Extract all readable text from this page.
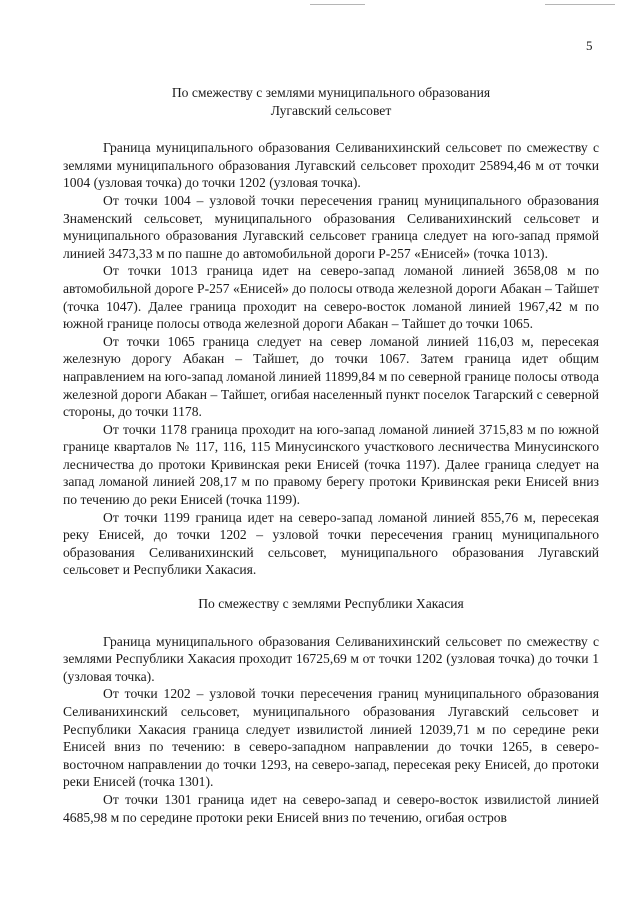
5

По смежеству с землями муниципального образования

Лугавский сельсовет

Граница муниципального образования Селиванихинский сельсовет по смежеству с землями муниципального образования Лугавский сельсовет проходит 25894,46 м от точки 1004 (узловая точка) до точки 1202 (узловая точка).

От точки 1004 – узловой точки пересечения границ муниципального образования Знаменский сельсовет, муниципального образования Селиванихинский сельсовет и муниципального образования Лугавский сельсовет граница следует на юго-запад прямой линией 3473,33 м по пашне до автомобильной дороги Р-257 «Енисей» (точка 1013).

От точки 1013 граница идет на северо-запад ломаной линией 3658,08 м по автомобильной дороге Р-257 «Енисей» до полосы отвода железной дороги Абакан – Тайшет (точка 1047). Далее граница проходит на северо-восток ломаной линией 1967,42 м по южной границе полосы отвода железной дороги Абакан – Тайшет до точки 1065.

От точки 1065 граница следует на север ломаной линией 116,03 м, пересекая железную дорогу Абакан – Тайшет, до точки 1067. Затем граница идет общим направлением на юго-запад ломаной линией 11899,84 м по северной границе полосы отвода железной дороги Абакан – Тайшет, огибая населенный пункт поселок Тагарский с северной стороны, до точки 1178.

От точки 1178 граница проходит на юго-запад ломаной линией 3715,83 м по южной границе кварталов № 117, 116, 115 Минусинского участкового лесничества Минусинского лесничества до протоки Кривинская реки Енисей (точка 1197). Далее граница следует на запад ломаной линией 208,17 м по правому берегу протоки Кривинская реки Енисей вниз по течению до реки Енисей (точка 1199).

От точки 1199 граница идет на северо-запад ломаной линией 855,76 м, пересекая реку Енисей, до точки 1202 – узловой точки пересечения границ муниципального образования Селиванихинский сельсовет, муниципального образования Лугавский сельсовет и Республики Хакасия.

По смежеству с землями Республики Хакасия

Граница муниципального образования Селиванихинский сельсовет по смежеству с землями Республики Хакасия проходит 16725,69 м от точки 1202 (узловая точка) до точки 1 (узловая точка).

От точки 1202 – узловой точки пересечения границ муниципального образования Селиванихинский сельсовет, муниципального образования Лугавский сельсовет и Республики Хакасия граница следует извилистой линией 12039,71 м по середине реки Енисей вниз по течению: в северо-западном направлении до точки 1265, в северо-восточном направлении до точки 1293, на северо-запад, пересекая реку Енисей, до протоки реки Енисей (точка 1301).

От точки 1301 граница идет на северо-запад и северо-восток извилистой линией 4685,98 м по середине протоки реки Енисей вниз по течению, огибая остров
